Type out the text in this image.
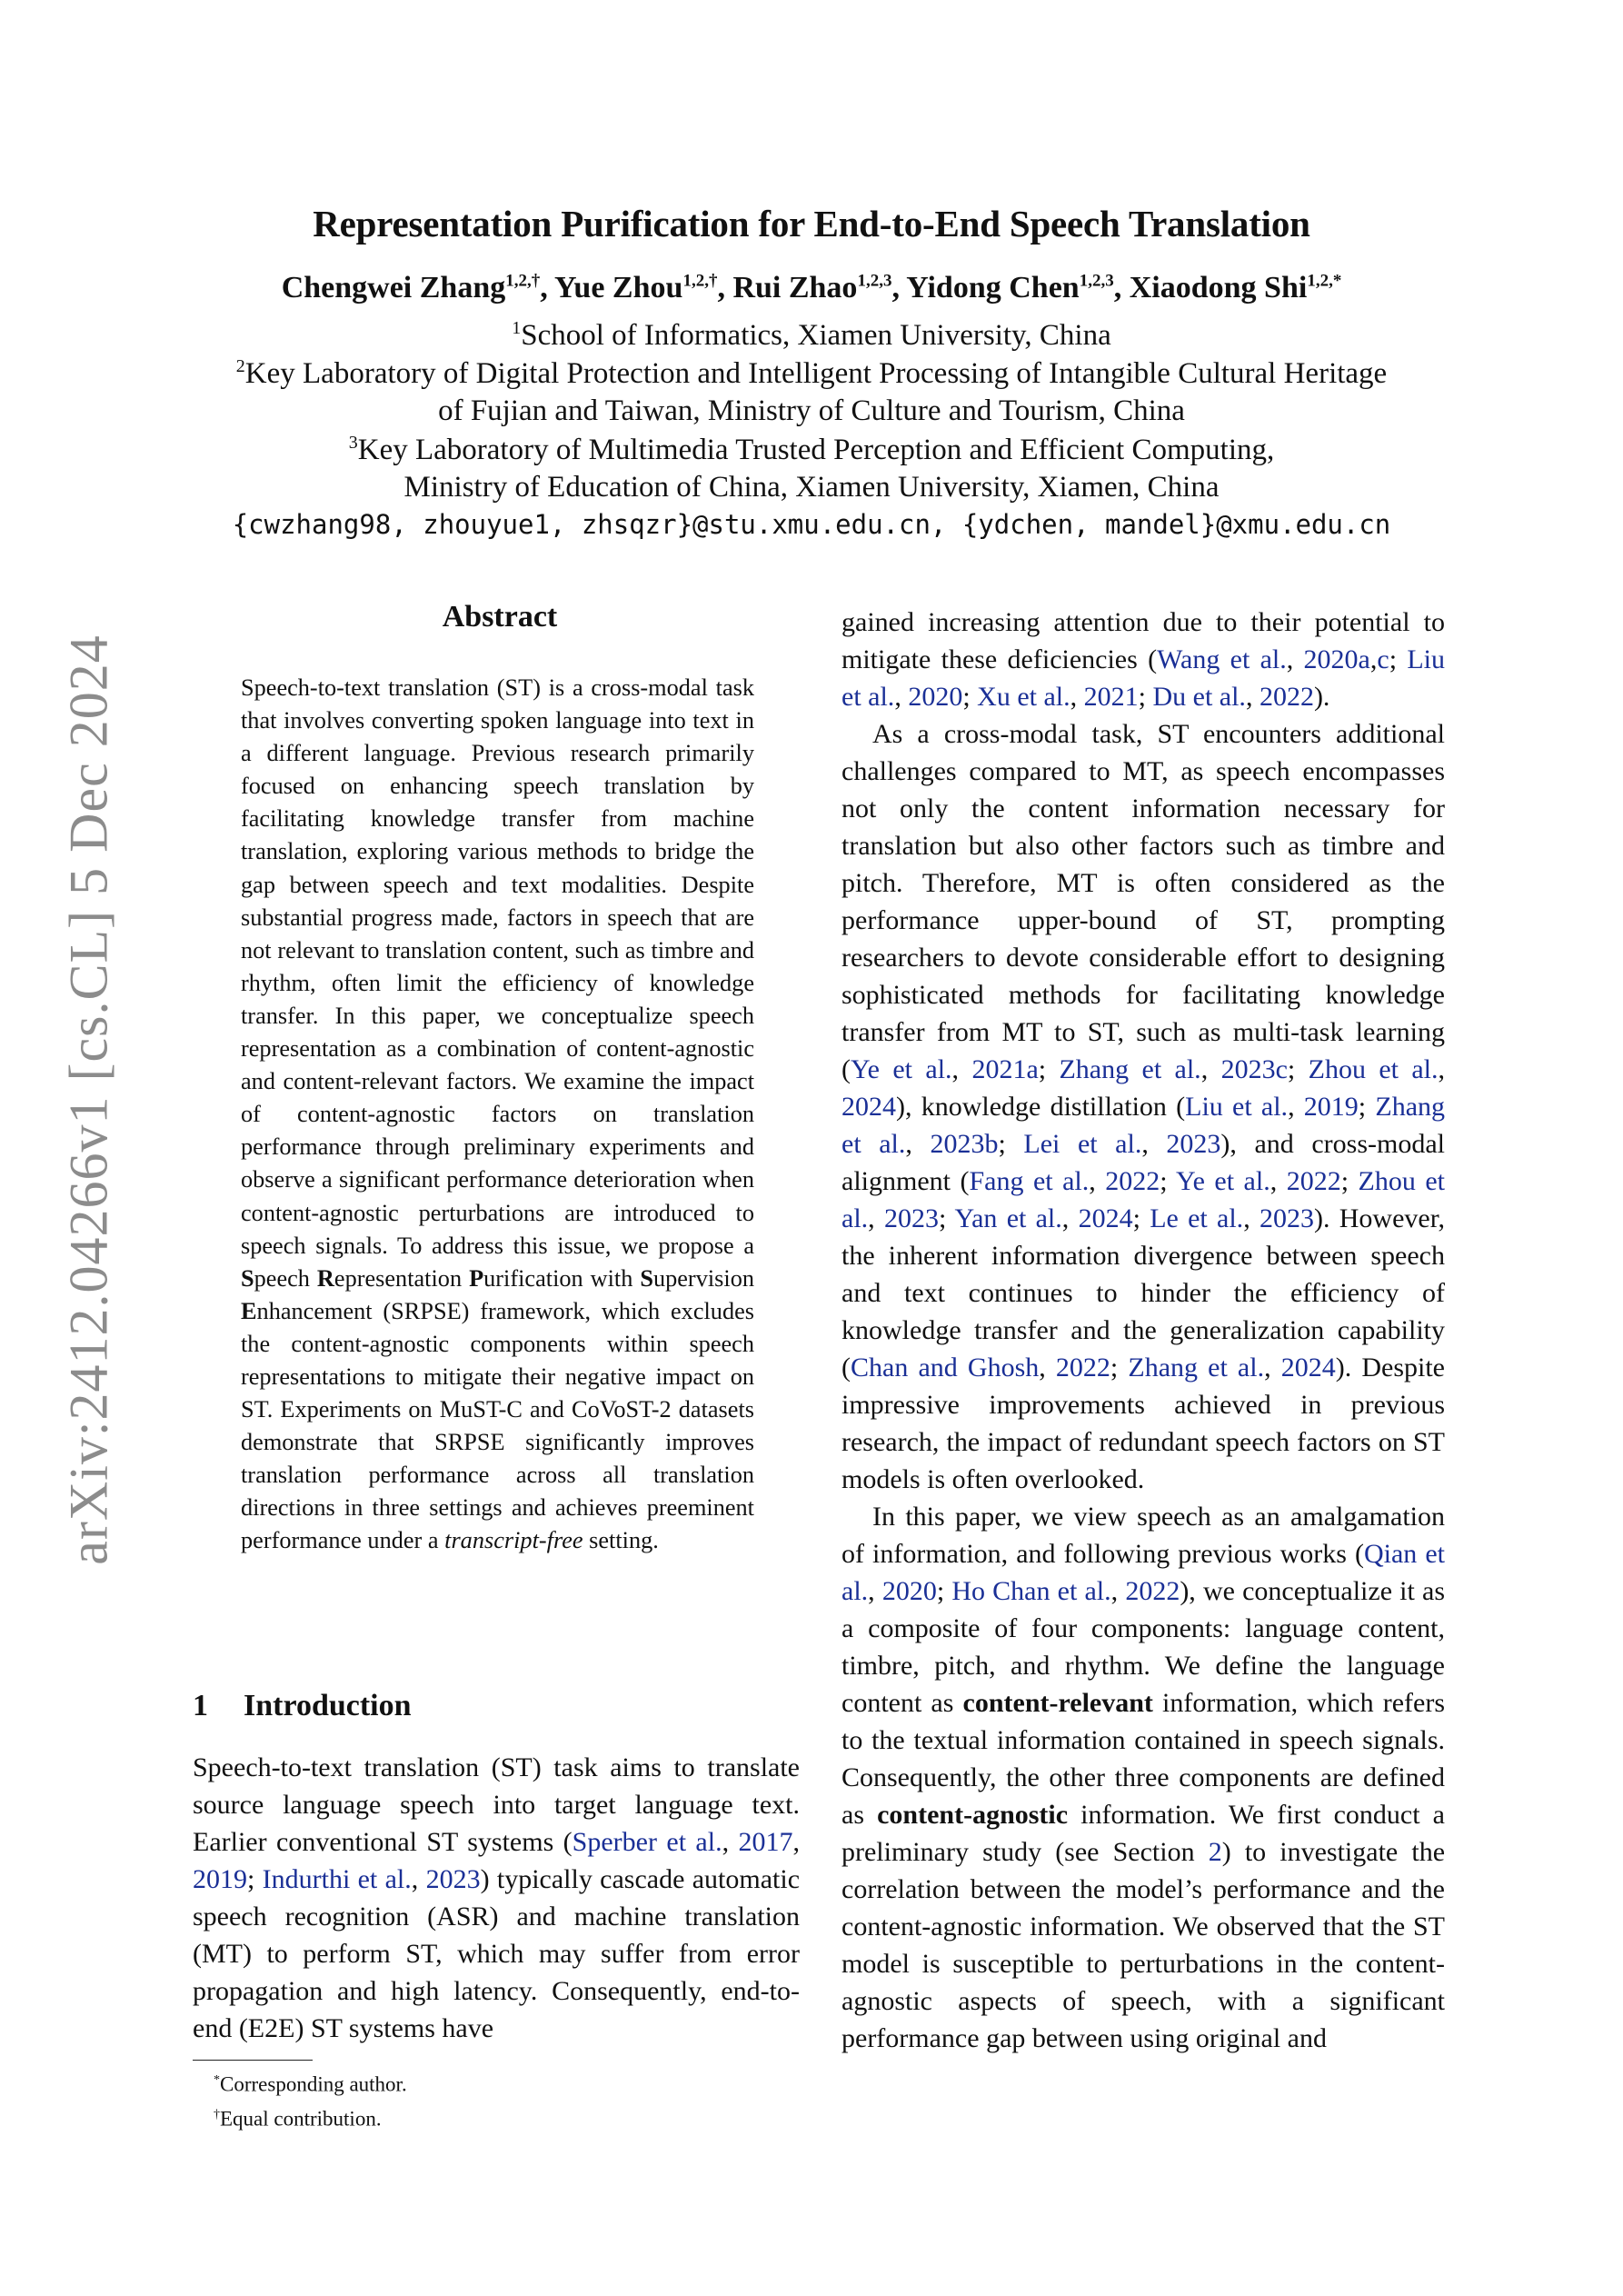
arXiv:2412.04266v1 [cs.CL] 5 Dec 2024
Representation Purification for End-to-End Speech Translation

Chengwei Zhang$^{1,2,\dagger}$, Yue Zhou$^{1,2,\dagger}$, Rui Zhao$^{1,2,3}$, Yidong Chen$^{1,2,3}$, Xiaodong Shi$^{1,2,*}$

$^1$School of Informatics, Xiamen University, China

$^2$Key Laboratory of Digital Protection and Intelligent Processing of Intangible Cultural Heritage

of Fujian and Taiwan, Ministry of Culture and Tourism, China

$^3$Key Laboratory of Multimedia Trusted Perception and Efficient Computing,

Ministry of Education of China, Xiamen University, Xiamen, China

{cwzhang98, zhouyue1, zhsqzr}@stu.xmu.edu.cn, {ydchen, mandel}@xmu.edu.cn

Abstract

Speech-to-text translation (ST) is a cross-modal task that involves converting spoken language into text in a different language. Previous research primarily focused on enhancing speech translation by facilitating knowledge transfer from machine translation, exploring various methods to bridge the gap between speech and text modalities. Despite substantial progress made, factors in speech that are not relevant to translation content, such as timbre and rhythm, often limit the efficiency of knowledge transfer. In this paper, we conceptualize speech representation as a combination of content-agnostic and content-relevant factors. We examine the impact of content-agnostic factors on translation performance through preliminary experiments and observe a significant performance deterioration when content-agnostic perturbations are introduced to speech signals. To address this issue, we propose a Speech Representation Purification with Supervision Enhancement (SRPSE) framework, which excludes the content-agnostic components within speech representations to mitigate their negative impact on ST. Experiments on MuST-C and CoVoST-2 datasets demonstrate that SRPSE significantly improves translation performance across all translation directions in three settings and achieves preeminent performance under a transcript-free setting.

1 Introduction

Speech-to-text translation (ST) task aims to translate source language speech into target language text. Earlier conventional ST systems (Sperber et al., 2017, 2019; Indurthi et al., 2023) typically cascade automatic speech recognition (ASR) and machine translation (MT) to perform ST, which may suffer from error propagation and high latency. Consequently, end-to-end (E2E) ST systems have

*Corresponding author.
†Equal contribution.

gained increasing attention due to their potential to mitigate these deficiencies (Wang et al., 2020a,c; Liu et al., 2020; Xu et al., 2021; Du et al., 2022).

As a cross-modal task, ST encounters additional challenges compared to MT, as speech encompasses not only the content information necessary for translation but also other factors such as timbre and pitch. Therefore, MT is often considered as the performance upper-bound of ST, prompting researchers to devote considerable effort to designing sophisticated methods for facilitating knowledge transfer from MT to ST, such as multi-task learning (Ye et al., 2021a; Zhang et al., 2023c; Zhou et al., 2024), knowledge distillation (Liu et al., 2019; Zhang et al., 2023b; Lei et al., 2023), and cross-modal alignment (Fang et al., 2022; Ye et al., 2022; Zhou et al., 2023; Yan et al., 2024; Le et al., 2023). However, the inherent information divergence between speech and text continues to hinder the efficiency of knowledge transfer and the generalization capability (Chan and Ghosh, 2022; Zhang et al., 2024). Despite impressive improvements achieved in previous research, the impact of redundant speech factors on ST models is often overlooked.

In this paper, we view speech as an amalgamation of information, and following previous works (Qian et al., 2020; Ho Chan et al., 2022), we conceptualize it as a composite of four components: language content, timbre, pitch, and rhythm. We define the language content as content-relevant information, which refers to the textual information contained in speech signals. Consequently, the other three components are defined as content-agnostic information. We first conduct a preliminary study (see Section 2) to investigate the correlation between the model’s performance and the content-agnostic information. We observed that the ST model is susceptible to perturbations in the content-agnostic aspects of speech, with a significant performance gap between using original and
